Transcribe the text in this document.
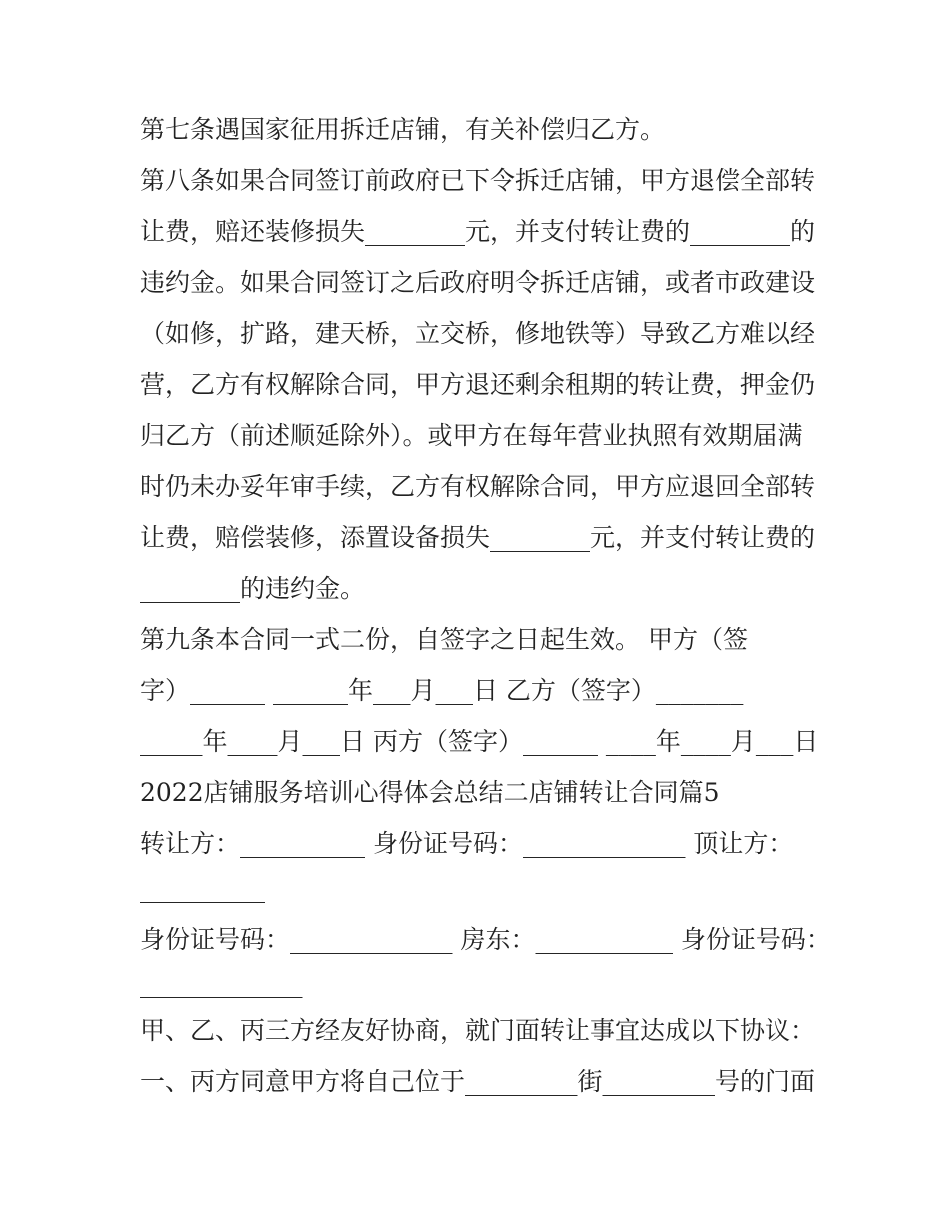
第七条遇国家征用拆迁店铺，有关补偿归乙方。
第八条如果合同签订前政府已下令拆迁店铺，甲方退偿全部转
让费，赔还装修损失________元，并支付转让费的________的
违约金。如果合同签订之后政府明令拆迁店铺，或者市政建设
（如修，扩路，建天桥，立交桥，修地铁等）导致乙方难以经
营，乙方有权解除合同，甲方退还剩余租期的转让费，押金仍
归乙方（前述顺延除外）。或甲方在每年营业执照有效期届满
时仍未办妥年审手续，乙方有权解除合同，甲方应退回全部转
让费，赔偿装修，添置设备损失________元，并支付转让费的
________的违约金。
第九条本合同一式二份，自签字之日起生效。 甲方（签
字）______ ______年___月___日 乙方（签字）_______
_____年____月___日 丙方（签字）______ ____年____月___日
2022店铺服务培训心得体会总结二店铺转让合同篇5
转让方：__________ 身份证号码：_____________ 顶让方：
__________
身份证号码：_____________ 房东：___________ 身份证号码：
_____________
甲、乙、丙三方经友好协商，就门面转让事宜达成以下协议：
一、丙方同意甲方将自己位于_________街_________号的门面
